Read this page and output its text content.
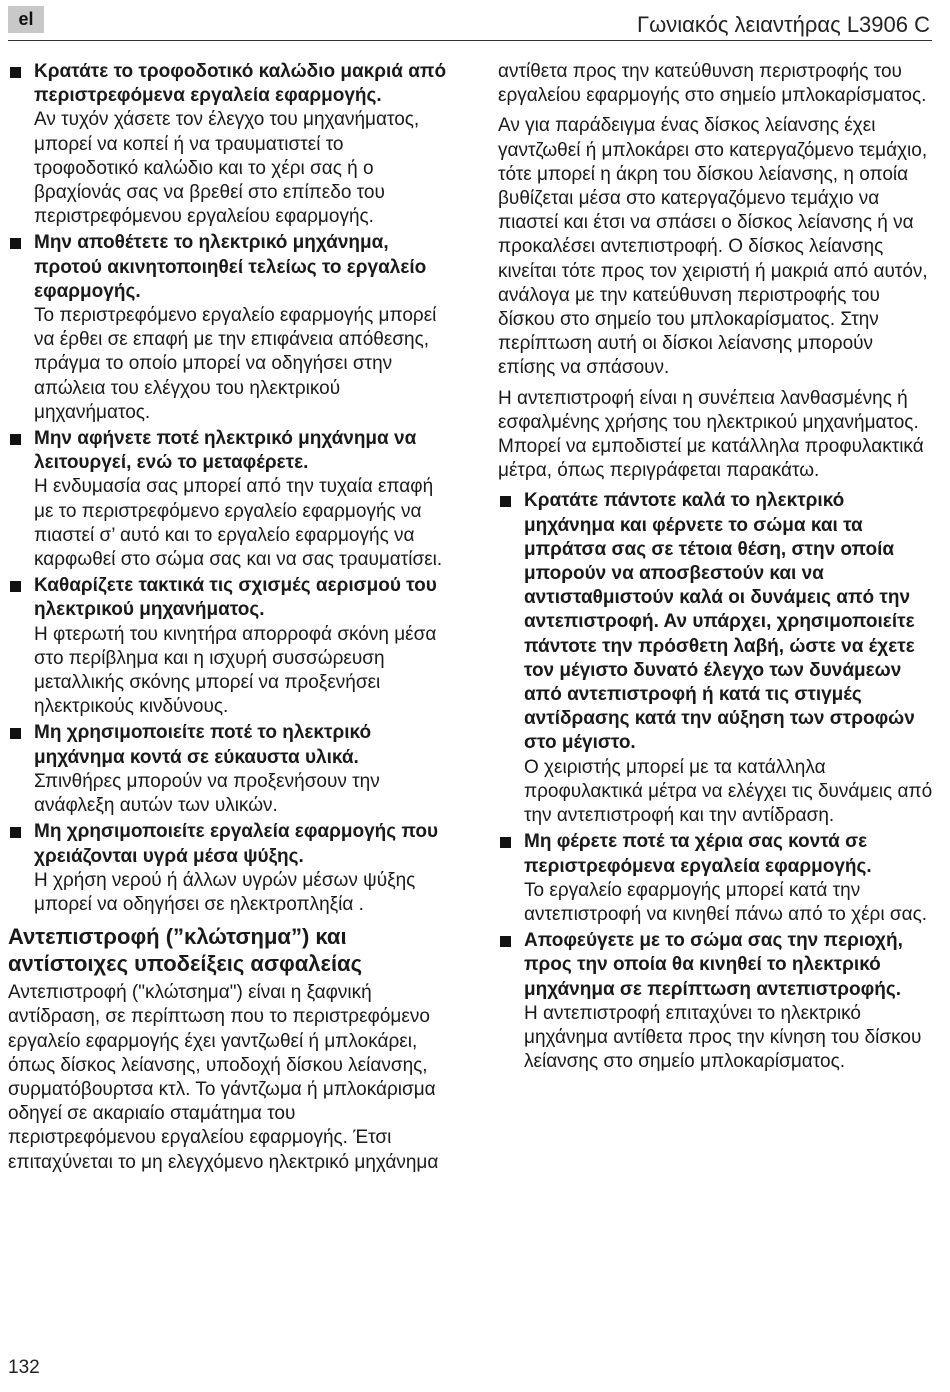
el	Γωνιακός λειαντήρας L3906 C
Κρατάτε το τροφοδοτικό καλώδιο μακριά από περιστρεφόμενα εργαλεία εφαρμογής.
Αν τυχόν χάσετε τον έλεγχο του μηχανήματος, μπορεί να κοπεί ή να τραυματιστεί το τροφοδοτικό καλώδιο και το χέρι σας ή ο βραχίονάς σας να βρεθεί στο επίπεδο του περιστρεφόμενου εργαλείου εφαρμογής.
Μην αποθέτετε το ηλεκτρικό μηχάνημα, προτού ακινητοποιηθεί τελείως το εργαλείο εφαρμογής.
Το περιστρεφόμενο εργαλείο εφαρμογής μπορεί να έρθει σε επαφή με την επιφάνεια απόθεσης, πράγμα το οποίο μπορεί να οδηγήσει στην απώλεια του ελέγχου του ηλεκτρικού μηχανήματος.
Μην αφήνετε ποτέ ηλεκτρικό μηχάνημα να λειτουργεί, ενώ το μεταφέρετε.
Η ενδυμασία σας μπορεί από την τυχαία επαφή με το περιστρεφόμενο εργαλείο εφαρμογής να πιαστεί σ’ αυτό και το εργαλείο εφαρμογής να καρφωθεί στο σώμα σας και να σας τραυματίσει.
Καθαρίζετε τακτικά τις σχισμές αερισμού του ηλεκτρικού μηχανήματος.
Η φτερωτή του κινητήρα απορροφά σκόνη μέσα στο περίβλημα και η ισχυρή συσσώρευση μεταλλικής σκόνης μπορεί να προξενήσει ηλεκτρικούς κινδύνους.
Μη χρησιμοποιείτε ποτέ το ηλεκτρικό μηχάνημα κοντά σε εύκαυστα υλικά.
Σπινθήρες μπορούν να προξενήσουν την ανάφλεξη αυτών των υλικών.
Μη χρησιμοποιείτε εργαλεία εφαρμογής που χρειάζονται υγρά μέσα ψύξης.
Η χρήση νερού ή άλλων υγρών μέσων ψύξης μπορεί να οδηγήσει σε ηλεκτροπληξία .
Αντεπιστροφή (”κλώτσημα”) και αντίστοιχες υποδείξεις ασφαλείας
Αντεπιστροφή ("κλώτσημα") είναι η ξαφνική αντίδραση, σε περίπτωση που το περιστρεφόμενο εργαλείο εφαρμογής έχει γαντζωθεί ή μπλοκάρει, όπως δίσκος λείανσης, υποδοχή δίσκου λείανσης, συρματόβουρτσα κτλ. Το γάντζωμα ή μπλοκάρισμα οδηγεί σε ακαριαίο σταμάτημα του περιστρεφόμενου εργαλείου εφαρμογής. Έτσι επιταχύνεται το μη ελεγχόμενο ηλεκτρικό μηχάνημα
αντίθετα προς την κατεύθυνση περιστροφής του εργαλείου εφαρμογής στο σημείο μπλοκαρίσματος.
Αν για παράδειγμα ένας δίσκος λείανσης έχει γαντζωθεί ή μπλοκάρει στο κατεργαζόμενο τεμάχιο, τότε μπορεί η άκρη του δίσκου λείανσης, η οποία βυθίζεται μέσα στο κατεργαζόμενο τεμάχιο να πιαστεί και έτσι να σπάσει ο δίσκος λείανσης ή να προκαλέσει αντεπιστροφή. Ο δίσκος λείανσης κινείται τότε προς τον χειριστή ή μακριά από αυτόν, ανάλογα με την κατεύθυνση περιστροφής του δίσκου στο σημείο του μπλοκαρίσματος. Στην περίπτωση αυτή οι δίσκοι λείανσης μπορούν επίσης να σπάσουν.
Η αντεπιστροφή είναι η συνέπεια λανθασμένης ή εσφαλμένης χρήσης του ηλεκτρικού μηχανήματος. Μπορεί να εμποδιστεί με κατάλληλα προφυλακτικά μέτρα, όπως περιγράφεται παρακάτω.
Κρατάτε πάντοτε καλά το ηλεκτρικό μηχάνημα και φέρνετε το σώμα και τα μπράτσα σας σε τέτοια θέση, στην οποία μπορούν να αποσβεστούν και να αντισταθμιστούν καλά οι δυνάμεις από την αντεπιστροφή. Αν υπάρχει, χρησιμοποιείτε πάντοτε την πρόσθετη λαβή, ώστε να έχετε τον μέγιστο δυνατό έλεγχο των δυνάμεων από αντεπιστροφή ή κατά τις στιγμές αντίδρασης κατά την αύξηση των στροφών στο μέγιστο.
Ο χειριστής μπορεί με τα κατάλληλα προφυλακτικά μέτρα να ελέγχει τις δυνάμεις από την αντεπιστροφή και την αντίδραση.
Μη φέρετε ποτέ τα χέρια σας κοντά σε περιστρεφόμενα εργαλεία εφαρμογής.
Το εργαλείο εφαρμογής μπορεί κατά την αντεπιστροφή να κινηθεί πάνω από το χέρι σας.
Αποφεύγετε με το σώμα σας την περιοχή, προς την οποία θα κινηθεί το ηλεκτρικό μηχάνημα σε περίπτωση αντεπιστροφής.
Η αντεπιστροφή επιταχύνει το ηλεκτρικό μηχάνημα αντίθετα προς την κίνηση του δίσκου λείανσης στο σημείο μπλοκαρίσματος.
132
